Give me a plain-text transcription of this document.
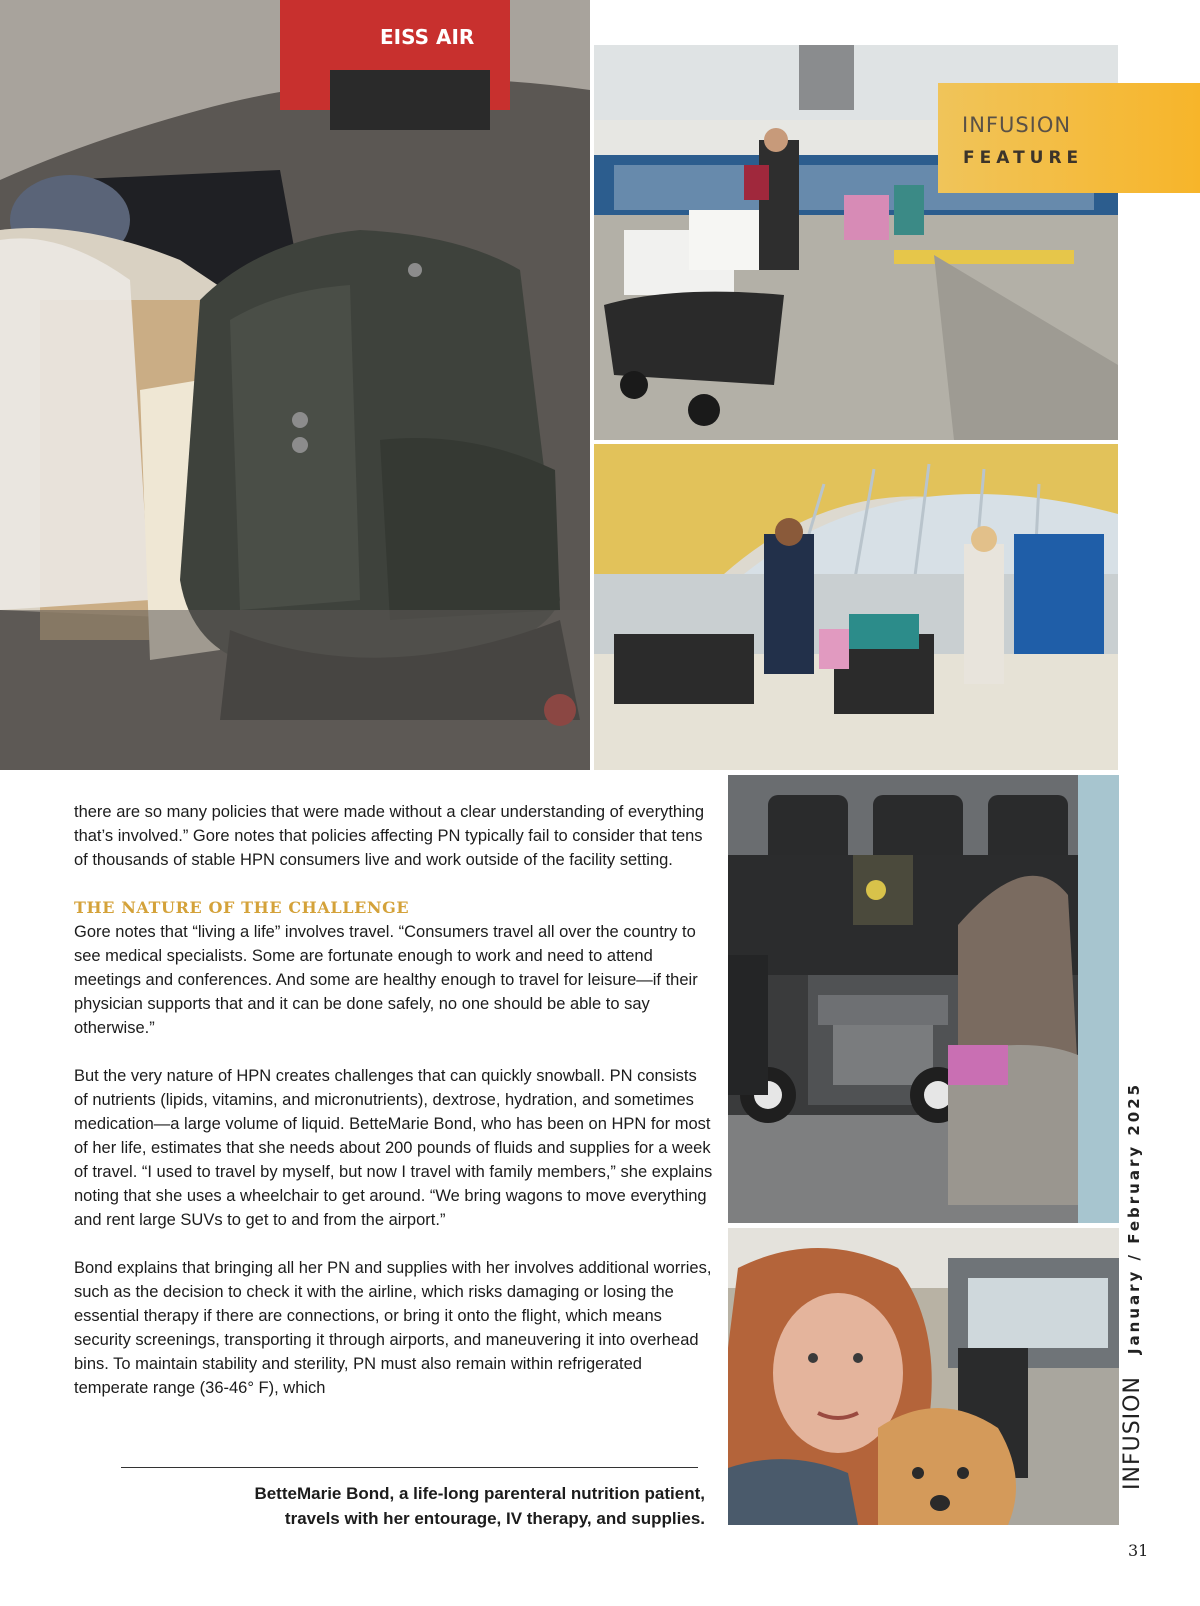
EISS AIR
INFUSION
FEATURE

there are so many policies that were made without a clear understanding of everything that’s involved.” Gore notes that policies affecting PN typically fail to consider that tens of thousands of stable HPN consumers live and work outside of the facility setting.

THE NATURE OF THE CHALLENGE

Gore notes that “living a life” involves travel. “Consumers travel all over the country to see medical specialists. Some are fortunate enough to work and need to attend meetings and conferences. And some are healthy enough to travel for leisure—if their physician supports that and it can be done safely, no one should be able to say otherwise.”

But the very nature of HPN creates challenges that can quickly snowball. PN consists of nutrients (lipids, vitamins, and micronutrients), dextrose, hydration, and sometimes medication—a large volume of liquid. BetteMarie Bond, who has been on HPN for most of her life, estimates that she needs about 200 pounds of fluids and supplies for a week of travel. “I used to travel by myself, but now I travel with family members,” she explains noting that she uses a wheelchair to get around. “We bring wagons to move everything and rent large SUVs to get to and from the airport.”

Bond explains that bringing all her PN and supplies with her involves additional worries, such as the decision to check it with the airline, which risks damaging or losing the essential therapy if there are connections, or bring it onto the flight, which means security screenings, transporting it through airports, and maneuvering it into overhead bins. To maintain stability and sterility, PN must also remain within refrigerated temperate range (36-46° F), which

BetteMarie Bond, a life-long parenteral nutrition patient,
travels with her entourage, IV therapy, and supplies.
INFUSIONJanuary / February 2025
31
